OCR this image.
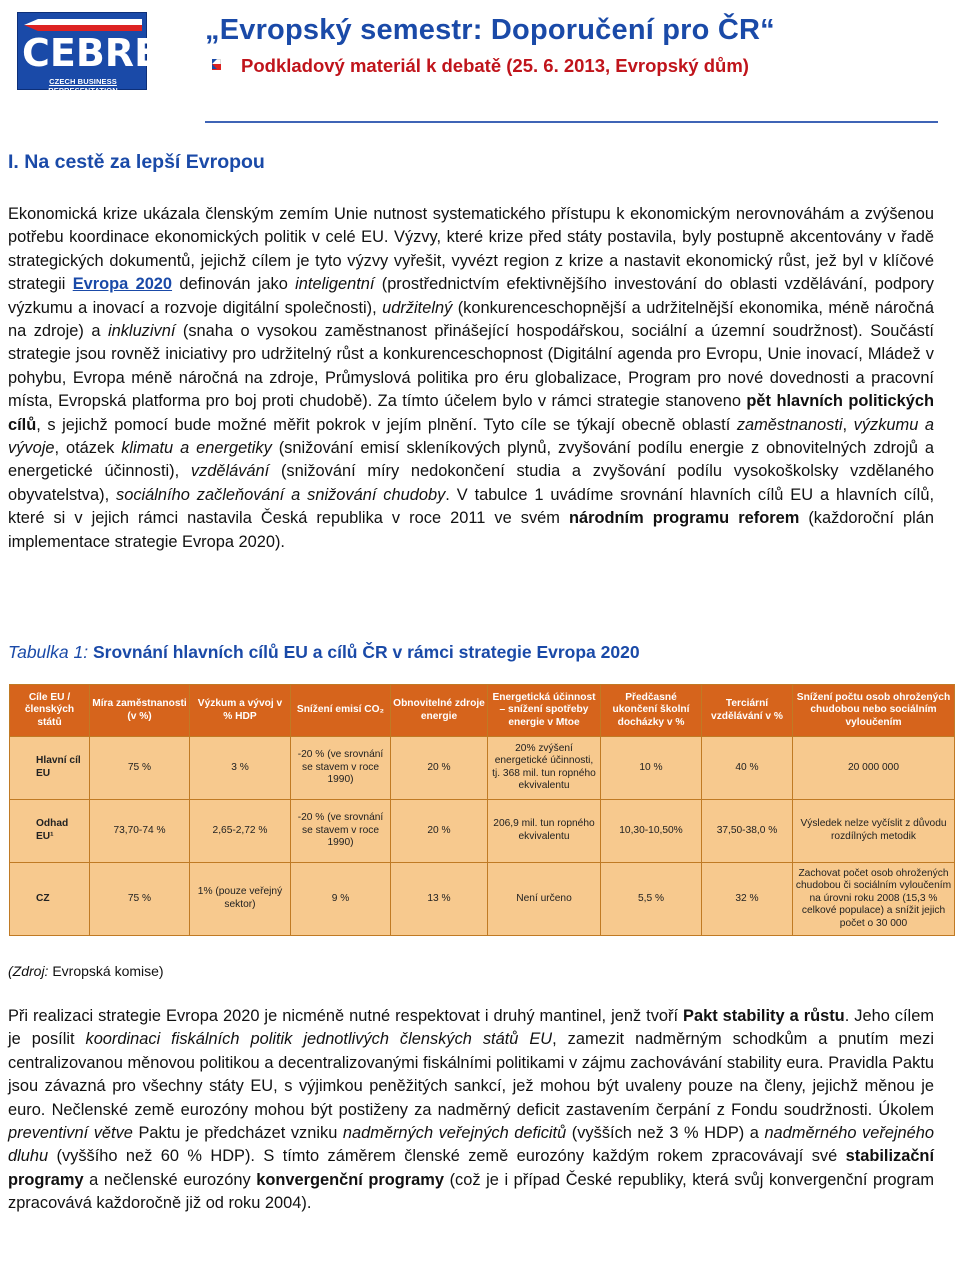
CEBRE
CZECH BUSINESS REPRESENTATION
„Evropský semestr: Doporučení pro ČR“
Podkladový materiál k debatě (25. 6. 2013, Evropský dům)
I. Na cestě za lepší Evropou
Ekonomická krize ukázala členským zemím Unie nutnost systematického přístupu k ekonomickým nerovnováhám a zvýšenou potřebu koordinace ekonomických politik v celé EU. Výzvy, které krize před státy postavila, byly postupně akcentovány v řadě strategických dokumentů, jejichž cílem je tyto výzvy vyřešit, vyvézt region z krize a nastavit ekonomický růst, jež byl v klíčové strategii Evropa 2020 definován jako inteligentní (prostřednictvím efektivnějšího investování do oblasti vzdělávání, podpory výzkumu a inovací a rozvoje digitální společnosti), udržitelný (konkurenceschopnější a udržitelnější ekonomika, méně náročná na zdroje) a inkluzivní (snaha o vysokou zaměstnanost přinášející hospodářskou, sociální a územní soudržnost). Součástí strategie jsou rovněž iniciativy pro udržitelný růst a konkurenceschopnost (Digitální agenda pro Evropu, Unie inovací, Mládež v pohybu, Evropa méně náročná na zdroje, Průmyslová politika pro éru globalizace, Program pro nové dovednosti a pracovní místa, Evropská platforma pro boj proti chudobě). Za tímto účelem bylo v rámci strategie stanoveno pět hlavních politických cílů, s jejichž pomocí bude možné měřit pokrok v jejím plnění. Tyto cíle se týkají obecně oblastí zaměstnanosti, výzkumu a vývoje, otázek klimatu a energetiky (snižování emisí skleníkových plynů, zvyšování podílu energie z obnovitelných zdrojů a energetické účinnosti), vzdělávání (snižování míry nedokončení studia a zvyšování podílu vysokoškolsky vzdělaného obyvatelstva), sociálního začleňování a snižování chudoby. V tabulce 1 uvádíme srovnání hlavních cílů EU a hlavních cílů, které si v jejich rámci nastavila Česká republika v roce 2011 ve svém národním programu reforem (každoroční plán implementace strategie Evropa 2020).
Tabulka 1: Srovnání hlavních cílů EU a cílů ČR v rámci strategie Evropa 2020
Cíle EU / členských států	Míra zaměstnanosti (v %)	Výzkum a vývoj v % HDP	Snížení emisí CO₂	Obnovitelné zdroje energie	Energetická účinnost – snížení spotřeby energie v Mtoe	Předčasné ukončení školní docházky v %	Terciární vzdělávání v %	Snížení počtu osob ohrožených chudobou nebo sociálním vyloučením
Hlavní cíl EU	75 %	3 %	-20 % (ve srovnání se stavem v roce 1990)	20 %	20% zvýšení energetické účinnosti, tj. 368 mil. tun ropného ekvivalentu	10 %	40 %	20 000 000
Odhad EU¹	73,70-74 %	2,65-2,72 %	-20 % (ve srovnání se stavem v roce 1990)	20 %	206,9 mil. tun ropného ekvivalentu	10,30-10,50%	37,50-38,0 %	Výsledek nelze vyčíslit z důvodu rozdílných metodik
CZ	75 %	1% (pouze veřejný sektor)	9 %	13 %	Není určeno	5,5 %	32 %	Zachovat počet osob ohrožených chudobou či sociálním vyloučením na úrovni roku 2008 (15,3 % celkové populace) a snížit jejich počet o 30 000
(Zdroj: Evropská komise)
Při realizaci strategie Evropa 2020 je nicméně nutné respektovat i druhý mantinel, jenž tvoří Pakt stability a růstu. Jeho cílem je posílit koordinaci fiskálních politik jednotlivých členských států EU, zamezit nadměrným schodkům a pnutím mezi centralizovanou měnovou politikou a decentralizovanými fiskálními politikami v zájmu zachovávání stability eura. Pravidla Paktu jsou závazná pro všechny státy EU, s výjimkou peněžitých sankcí, jež mohou být uvaleny pouze na členy, jejichž měnou je euro. Nečlenské země eurozóny mohou být postiženy za nadměrný deficit zastavením čerpání z Fondu soudržnosti. Úkolem preventivní větve Paktu je předcházet vzniku nadměrných veřejných deficitů (vyšších než 3 % HDP) a nadměrného veřejného dluhu (vyššího než 60 % HDP). S tímto záměrem členské země eurozóny každým rokem zpracovávají své stabilizační programy a nečlenské eurozóny konvergenční programy (což je i případ České republiky, která svůj konvergenční program zpracovává každoročně již od roku 2004).
